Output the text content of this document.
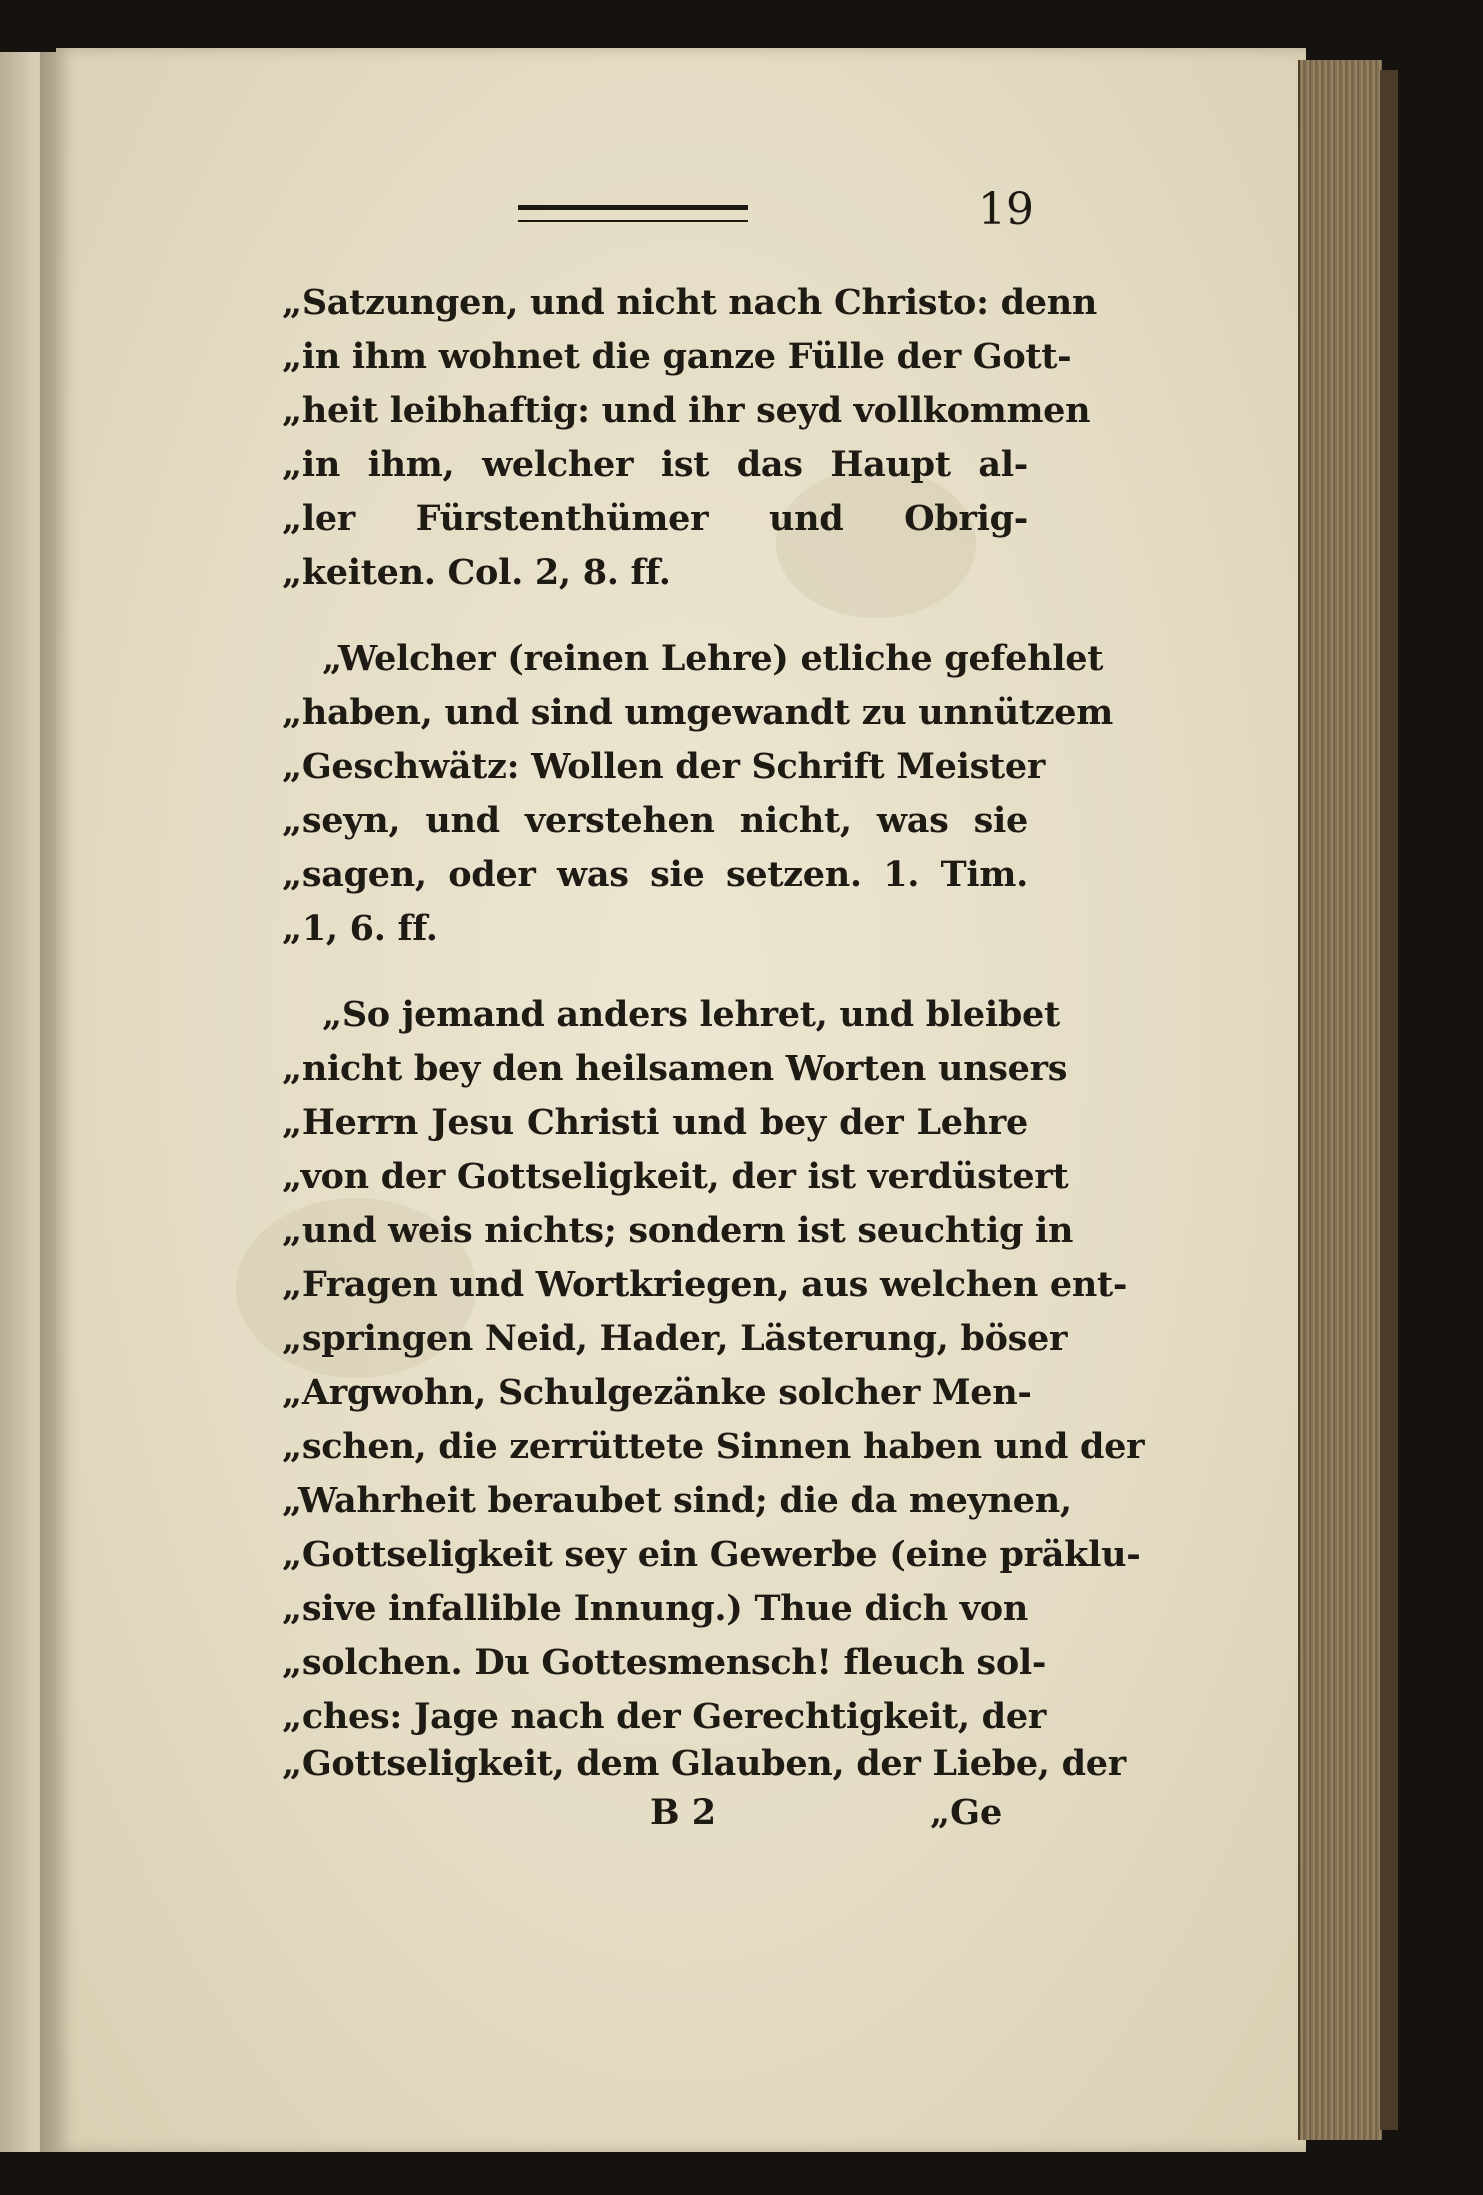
19
„Satzungen, und nicht nach Christo: denn
„in ihm wohnet die ganze Fülle der Gott-
„heit leibhaftig: und ihr seyd vollkommen
„in ihm, welcher ist das Haupt al-
„ler Fürstenthümer und Obrig-
„keiten. Col. 2, 8. ff.
„Welcher (reinen Lehre) etliche gefehlet
„haben, und sind umgewandt zu unnützem
„Geschwätz: Wollen der Schrift Meister
„seyn, und verstehen nicht, was sie
„sagen, oder was sie setzen. 1. Tim.
„1, 6. ff.
„So jemand anders lehret, und bleibet
„nicht bey den heilsamen Worten unsers
„Herrn Jesu Christi und bey der Lehre
„von der Gottseligkeit, der ist verdüstert
„und weis nichts; sondern ist seuchtig in
„Fragen und Wortkriegen, aus welchen ent-
„springen Neid, Hader, Lästerung, böser
„Argwohn, Schulgezänke solcher Men-
„schen, die zerrüttete Sinnen haben und der
„Wahrheit beraubet sind; die da meynen,
„Gottseligkeit sey ein Gewerbe (eine präklu-
„sive infallible Innung.) Thue dich von
„solchen. Du Gottesmensch! fleuch sol-
„ches: Jage nach der Gerechtigkeit, der
„Gottseligkeit, dem Glauben, der Liebe, der
B 2	„Ge
